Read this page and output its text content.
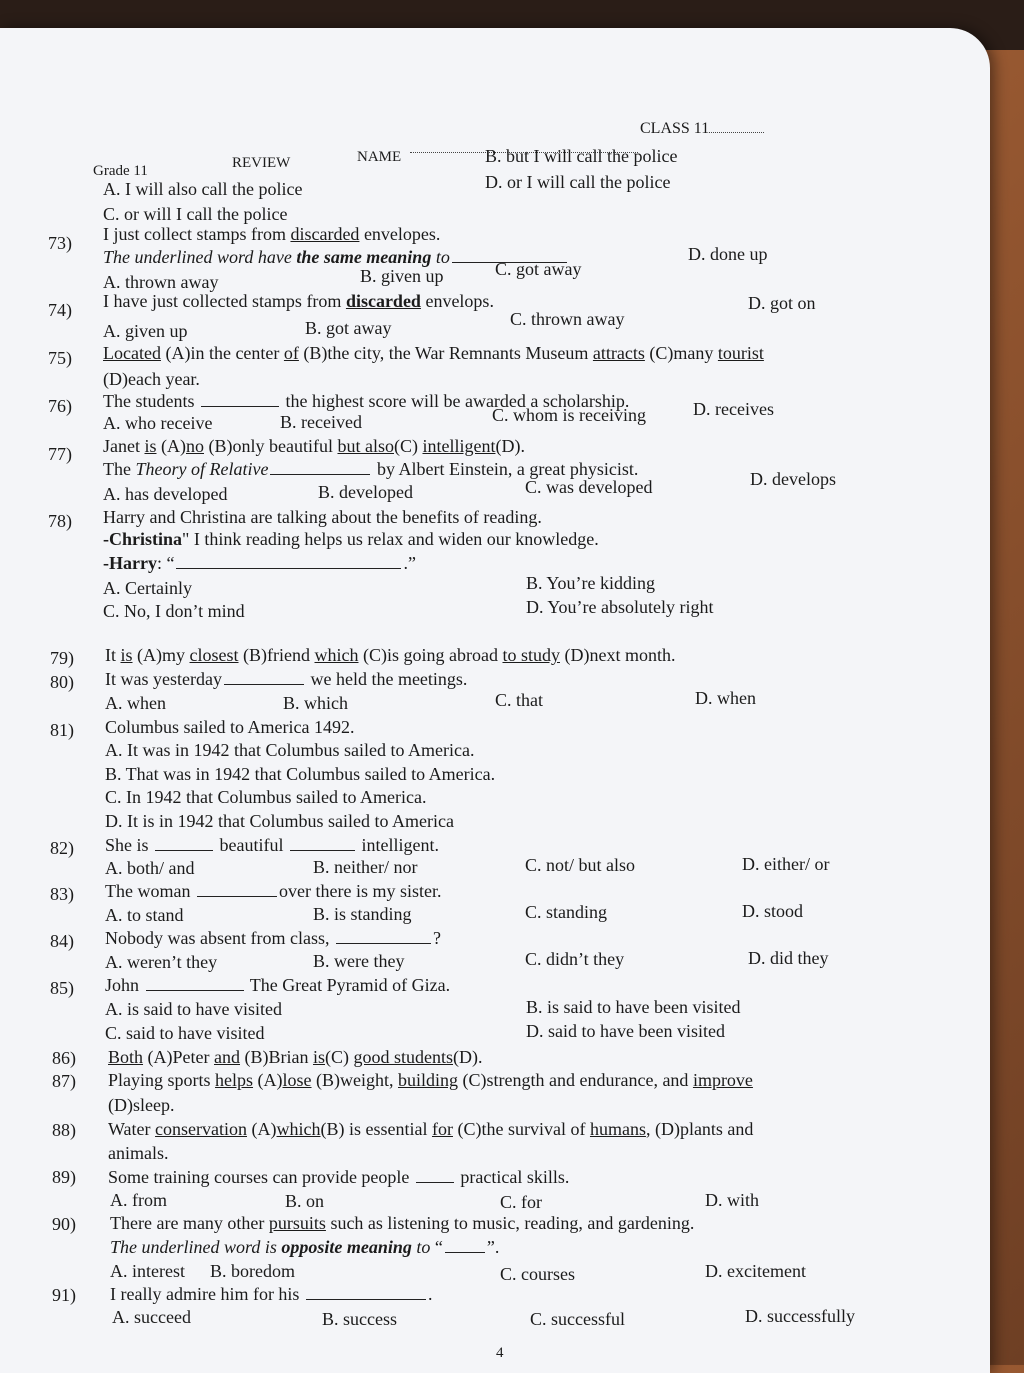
CLASS 11
Grade 11	REVIEW	NAME	B. but I will call the police
A. I will also call the police	D. or I will call the police
C. or will I call the police
73)	I just collect stamps from discarded envelopes.
The underlined word have the same meaning to
A. thrown away	B. given up	C. got away
D. done up
74)	I have just collected stamps from discarded envelops.
A. given up	B. got away	C. thrown away
D. got on
75)	Located (A)in the center of (B)the city, the War Remnants Museum attracts (C)many tourist
(D)each year.
76)	The students	the highest score will be awarded a scholarship.
A. who receive	B. received	C. whom is receiving	D. receives
77)	Janet is (A)no (B)only beautiful but also(C) intelligent(D).
The Theory of Relative	by Albert Einstein, a great physicist.
A. has developed	B. developed	C. was developed	D. develops
78)	Harry and Christina are talking about the benefits of reading.
-Christina" I think reading helps us relax and widen our knowledge.
-Harry: “	.”
A. Certainly	B. You’re kidding
C. No, I don’t mind	D. You’re absolutely right
79)	It is (A)my closest (B)friend which (C)is going abroad to study (D)next month.
80)	It was yesterday	we held the meetings.
A. when	B. which	C. that	D. when
81)	Columbus sailed to America 1492.
A. It was in 1942 that Columbus sailed to America.
B. That was in 1942 that Columbus sailed to America.
C. In 1942 that Columbus sailed to America.
D. It is in 1942 that Columbus sailed to America
82)	She is	beautiful	intelligent.
A. both/ and	B. neither/ nor	C. not/ but also	D. either/ or
83)	The woman	over there is my sister.
A. to stand	B. is standing	C. standing	D. stood
84)	Nobody was absent from class,	?
A. weren’t they	B. were they	C. didn’t they	D. did they
85)	John	The Great Pyramid of Giza.
A. is said to have visited	B. is said to have been visited
C. said to have visited	D. said to have been visited
86)	Both (A)Peter and (B)Brian is(C) good students(D).
87)	Playing sports helps (A)lose (B)weight, building (C)strength and endurance, and improve
(D)sleep.
88)	Water conservation (A)which(B) is essential for (C)the survival of humans, (D)plants and
animals.
89)	Some training courses can provide people	practical skills.
A. from	B. on	C. for	D. with
90)	There are many other pursuits such as listening to music, reading, and gardening.
The underlined word is opposite meaning to “ ”.
A. interest B. boredom	C. courses	D. excitement
91)	I really admire him for his	.
A. succeed	B. success	C. successful	D. successfully
4
